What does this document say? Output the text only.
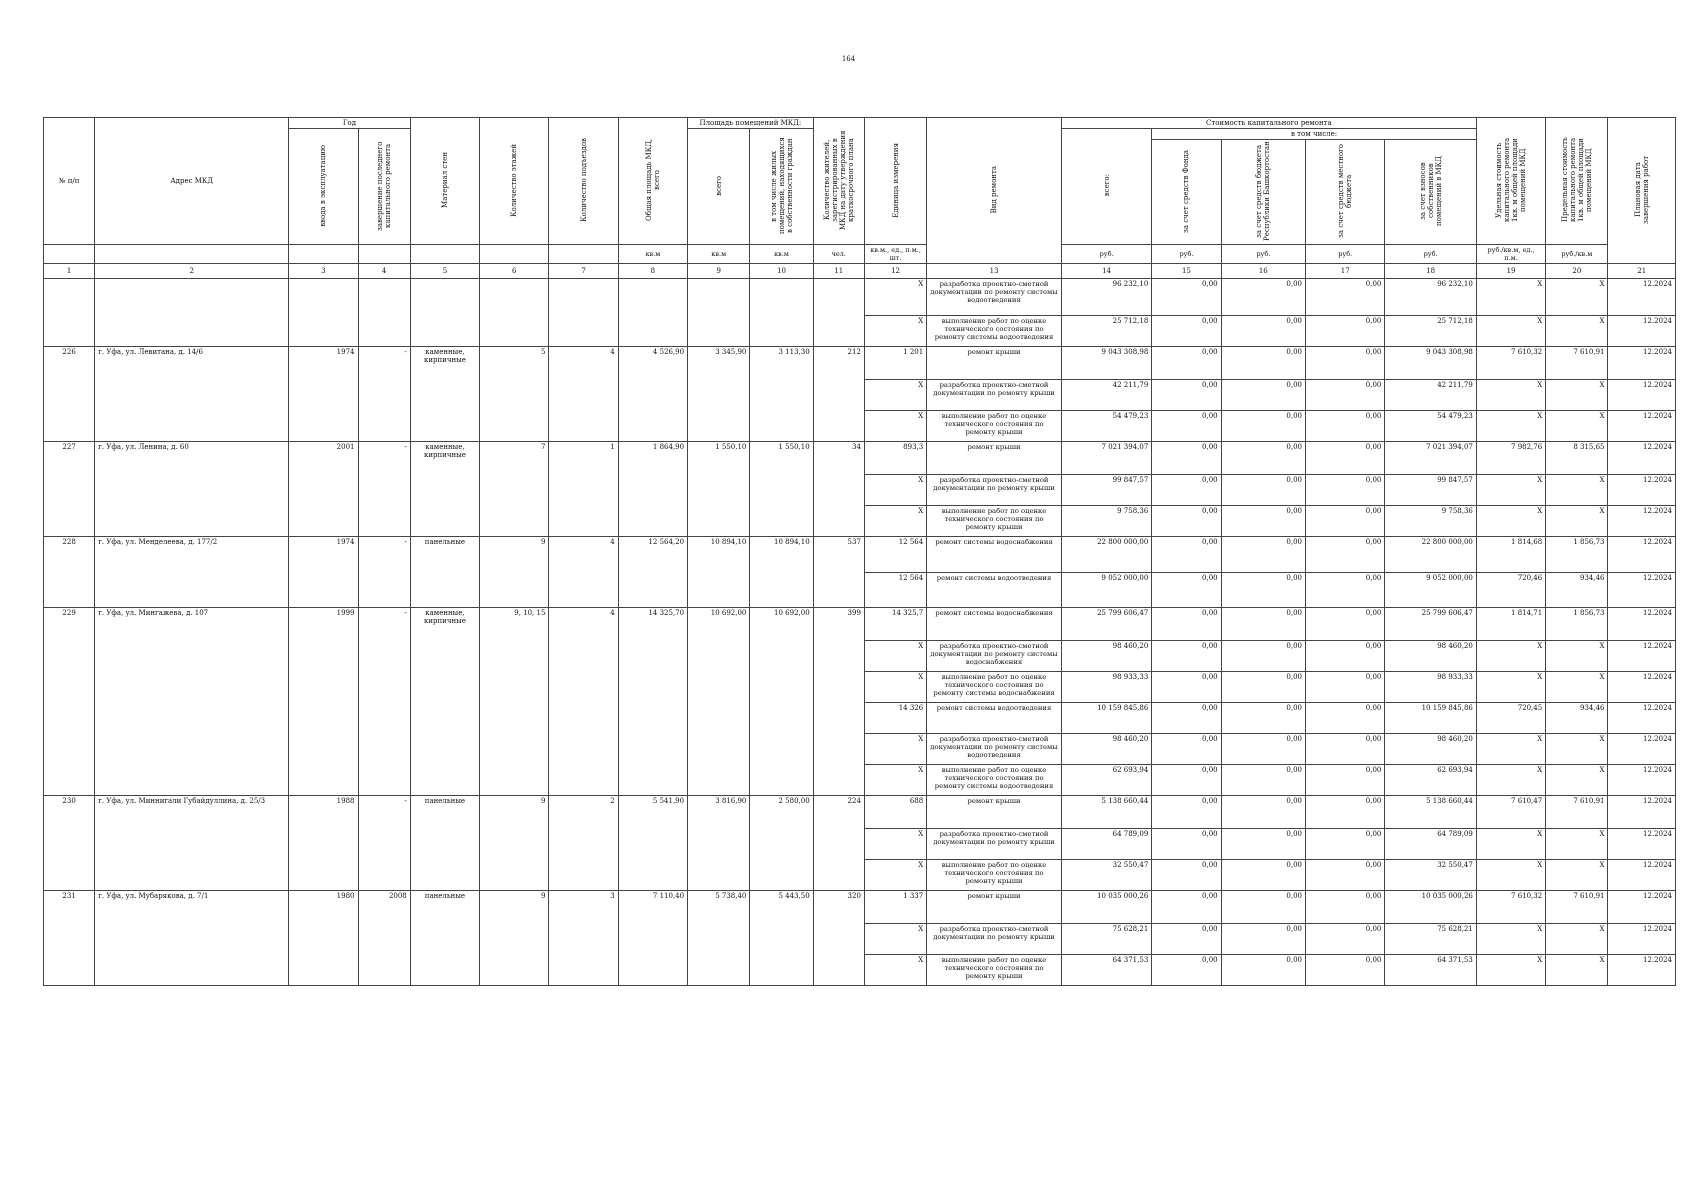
164
№ п/п	Адрес МКД	Год		Материал стен	Количество этажей	Количество подъездов	Общая площадь МКД, всего	Площадь помещений МКД:		Количество жителей, зарегистрированных в МКД на дату утверждения краткосрочного плана	Единица измерения	Вид ремонта	Стоимость капитального ремонта					Удельная стоимость капитального ремонта 1кв. м общей площади помещений МКД	Предельная стоимость капитального ремонта 1кв. м общей площади помещений МКД	Плановая дата завершения работ
		ввода в эксплуатацию	завершение последнего капитального ремонта					всего	в том числе жилых помещений, находящихся в собственности граждан				всего:	в том числе:						
														за счет средств Фонда	за счет средств бюджета Республики Башкортостан	за счет средств местного бюджета	за счет взносов собственников помещений в МКД			
							кв.м	кв.м	кв.м	чел.	кв.м., ед., п.м., шт.		руб.	руб.	руб.	руб.	руб.	руб./кв.м, ед., п.м.	руб./кв.м	
1	2	3	4	5	6	7	8	9	10	11	12	13	14	15	16	17	18	19	20	21
											X	разработка проектно-сметной документации по ремонту системы водоотведения	96 232,10	0,00	0,00	0,00	96 232,10	X	X	12.2024
											X	выполнение работ по оценке технического состояния по ремонту системы водоотведения	25 712,18	0,00	0,00	0,00	25 712,18	X	X	12.2024
226	г. Уфа, ул. Левитана, д. 14/6	1974	-	каменные, кирпичные	5	4	4 526,90	3 345,90	3 113,30	212	1 201	ремонт крыши	9 043 308,98	0,00	0,00	0,00	9 043 308,98	7 610,32	7 610,91	12.2024
											X	разработка проектно-сметной документации по ремонту крыши	42 211,79	0,00	0,00	0,00	42 211,79	X	X	12.2024
											X	выполнение работ по оценке технического состояния по ремонту крыши	54 479,23	0,00	0,00	0,00	54 479,23	X	X	12.2024
227	г. Уфа, ул. Ленина, д. 60	2001	-	каменные, кирпичные	7	1	1 864,90	1 550,10	1 550,10	34	893,3	ремонт крыши	7 021 394,07	0,00	0,00	0,00	7 021 394,07	7 982,76	8 315,65	12.2024
											X	разработка проектно-сметной документации по ремонту крыши	99 847,57	0,00	0,00	0,00	99 847,57	X	X	12.2024
											X	выполнение работ по оценке технического состояния по ремонту крыши	9 758,36	0,00	0,00	0,00	9 758,36	X	X	12.2024
228	г. Уфа, ул. Менделеева, д. 177/2	1974	-	панельные	9	4	12 564,20	10 894,10	10 894,10	537	12 564	ремонт системы водоснабжения	22 800 000,00	0,00	0,00	0,00	22 800 000,00	1 814,68	1 856,73	12.2024
											12 564	ремонт системы водоотведения	9 052 000,00	0,00	0,00	0,00	9 052 000,00	720,46	934,46	12.2024
229	г. Уфа, ул. Мингажева, д. 107	1999	-	каменные, кирпичные	9, 10, 15	4	14 325,70	10 692,00	10 692,00	399	14 325,7	ремонт системы водоснабжения	25 799 606,47	0,00	0,00	0,00	25 799 606,47	1 814,71	1 856,73	12.2024
											X	разработка проектно-сметной документации по ремонту системы водоснабжения	98 460,20	0,00	0,00	0,00	98 460,20	X	X	12.2024
											X	выполнение работ по оценке технического состояния по ремонту системы водоснабжения	98 933,33	0,00	0,00	0,00	98 933,33	X	X	12.2024
											14 326	ремонт системы водоотведения	10 159 845,86	0,00	0,00	0,00	10 159 845,86	720,45	934,46	12.2024
											X	разработка проектно-сметной документации по ремонту системы водоотведения	98 460,20	0,00	0,00	0,00	98 460,20	X	X	12.2024
											X	выполнение работ по оценке технического состояния по ремонту системы водоотведения	62 693,94	0,00	0,00	0,00	62 693,94	X	X	12.2024
230	г. Уфа, ул. Миннигали Губайдуллина, д. 25/3	1988	-	панельные	9	2	5 541,90	3 816,90	2 580,00	224	688	ремонт крыши	5 138 660,44	0,00	0,00	0,00	5 138 660,44	7 610,47	7 610,91	12.2024
											X	разработка проектно-сметной документации по ремонту крыши	64 789,09	0,00	0,00	0,00	64 789,09	X	X	12.2024
											X	выполнение работ по оценке технического состояния по ремонту крыши	32 550,47	0,00	0,00	0,00	32 550,47	X	X	12.2024
231	г. Уфа, ул. Мубарякова, д. 7/1	1980	2008	панельные	9	3	7 110,40	5 738,40	5 443,50	320	1 337	ремонт крыши	10 035 000,26	0,00	0,00	0,00	10 035 000,26	7 610,32	7 610,91	12.2024
											X	разработка проектно-сметной документации по ремонту крыши	75 628,21	0,00	0,00	0,00	75 628,21	X	X	12.2024
											X	выполнение работ по оценке технического состояния по ремонту крыши	64 371,53	0,00	0,00	0,00	64 371,53	X	X	12.2024
